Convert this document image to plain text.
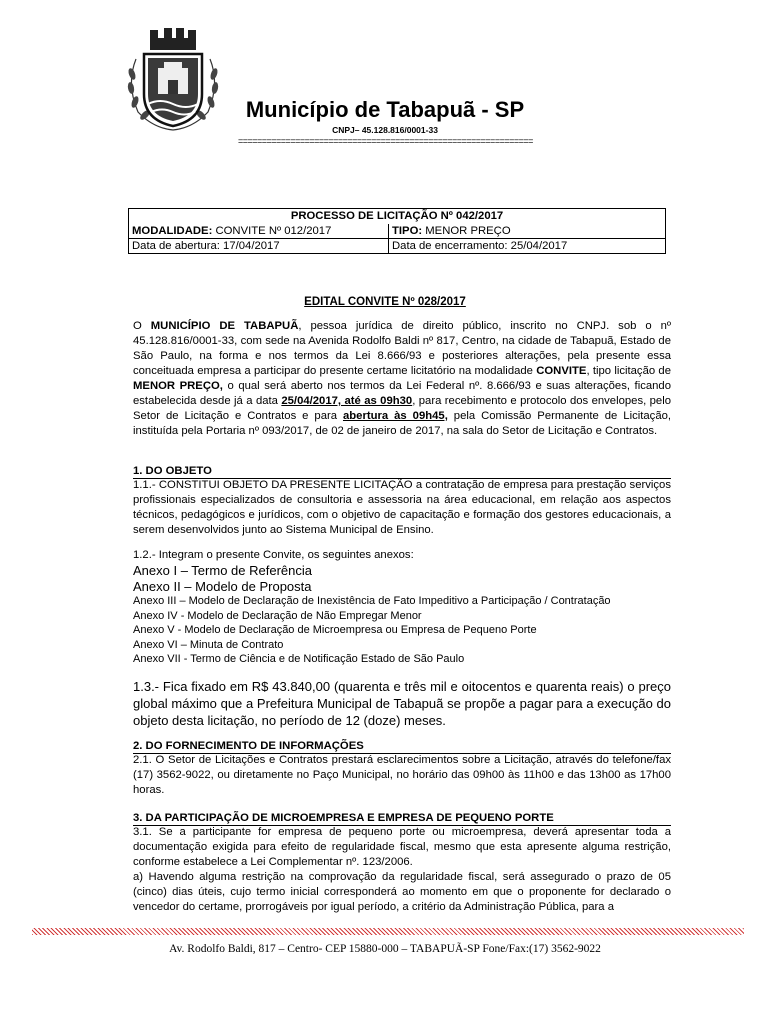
Município de Tabapuã - SP
CNPJ– 45.128.816/0001-33
==============================================================
PROCESSO DE LICITAÇÃO Nº 042/2017
MODALIDADE: CONVITE Nº 012/2017	TIPO: MENOR PREÇO
Data de abertura: 17/04/2017	Data de encerramento: 25/04/2017
EDITAL CONVITE Nº 028/2017
O MUNICÍPIO DE TABAPUÃ, pessoa jurídica de direito público, inscrito no CNPJ. sob o nº 45.128.816/0001-33, com sede na Avenida Rodolfo Baldi nº 817, Centro, na cidade de Tabapuã, Estado de São Paulo, na forma e nos termos da Lei 8.666/93 e posteriores alterações, pela presente essa conceituada empresa a participar do presente certame licitatório na modalidade CONVITE, tipo licitação de MENOR PREÇO, o qual será aberto nos termos da Lei Federal nº. 8.666/93 e suas alterações, ficando estabelecida desde já a data 25/04/2017, até as 09h30, para recebimento e protocolo dos envelopes, pelo Setor de Licitação e Contratos e para abertura às 09h45, pela Comissão Permanente de Licitação, instituída pela Portaria nº 093/2017, de 02 de janeiro de 2017, na sala do Setor de Licitação e Contratos.
1. DO OBJETO
1.1.- CONSTITUI OBJETO DA PRESENTE LICITAÇÃO a contratação de empresa para prestação serviços profissionais especializados de consultoria e assessoria na área educacional, em relação aos aspectos técnicos, pedagógicos e jurídicos, com o objetivo de capacitação e formação dos gestores educacionais, a serem desenvolvidos junto ao Sistema Municipal de Ensino.
1.2.- Integram o presente Convite, os seguintes anexos:
Anexo I – Termo de Referência
Anexo II – Modelo de Proposta
Anexo III – Modelo de Declaração de Inexistência de Fato Impeditivo a Participação / Contratação
Anexo IV - Modelo de Declaração de Não Empregar Menor
Anexo V - Modelo de Declaração de Microempresa ou Empresa de Pequeno Porte
Anexo VI – Minuta de Contrato
Anexo VII - Termo de Ciência e de Notificação Estado de São Paulo
1.3.- Fica fixado em R$ 43.840,00 (quarenta e três mil e oitocentos e quarenta reais) o preço global máximo que a Prefeitura Municipal de Tabapuã se propõe a pagar para a execução do objeto desta licitação, no período de 12 (doze) meses.
2. DO FORNECIMENTO DE INFORMAÇÕES
2.1. O Setor de Licitações e Contratos prestará esclarecimentos sobre a Licitação, através do telefone/fax (17) 3562-9022, ou diretamente no Paço Municipal, no horário das 09h00 às 11h00 e das 13h00 as 17h00 horas.
3. DA PARTICIPAÇÃO DE MICROEMPRESA E EMPRESA DE PEQUENO PORTE
3.1. Se a participante for empresa de pequeno porte ou microempresa, deverá apresentar toda a documentação exigida para efeito de regularidade fiscal, mesmo que esta apresente alguma restrição, conforme estabelece a Lei Complementar nº. 123/2006.
a) Havendo alguma restrição na comprovação da regularidade fiscal, será assegurado o prazo de 05 (cinco) dias úteis, cujo termo inicial corresponderá ao momento em que o proponente for declarado o vencedor do certame, prorrogáveis por igual período, a critério da Administração Pública, para a
Av. Rodolfo Baldi, 817 – Centro- CEP 15880-000 – TABAPUÃ-SP Fone/Fax:(17) 3562-9022
